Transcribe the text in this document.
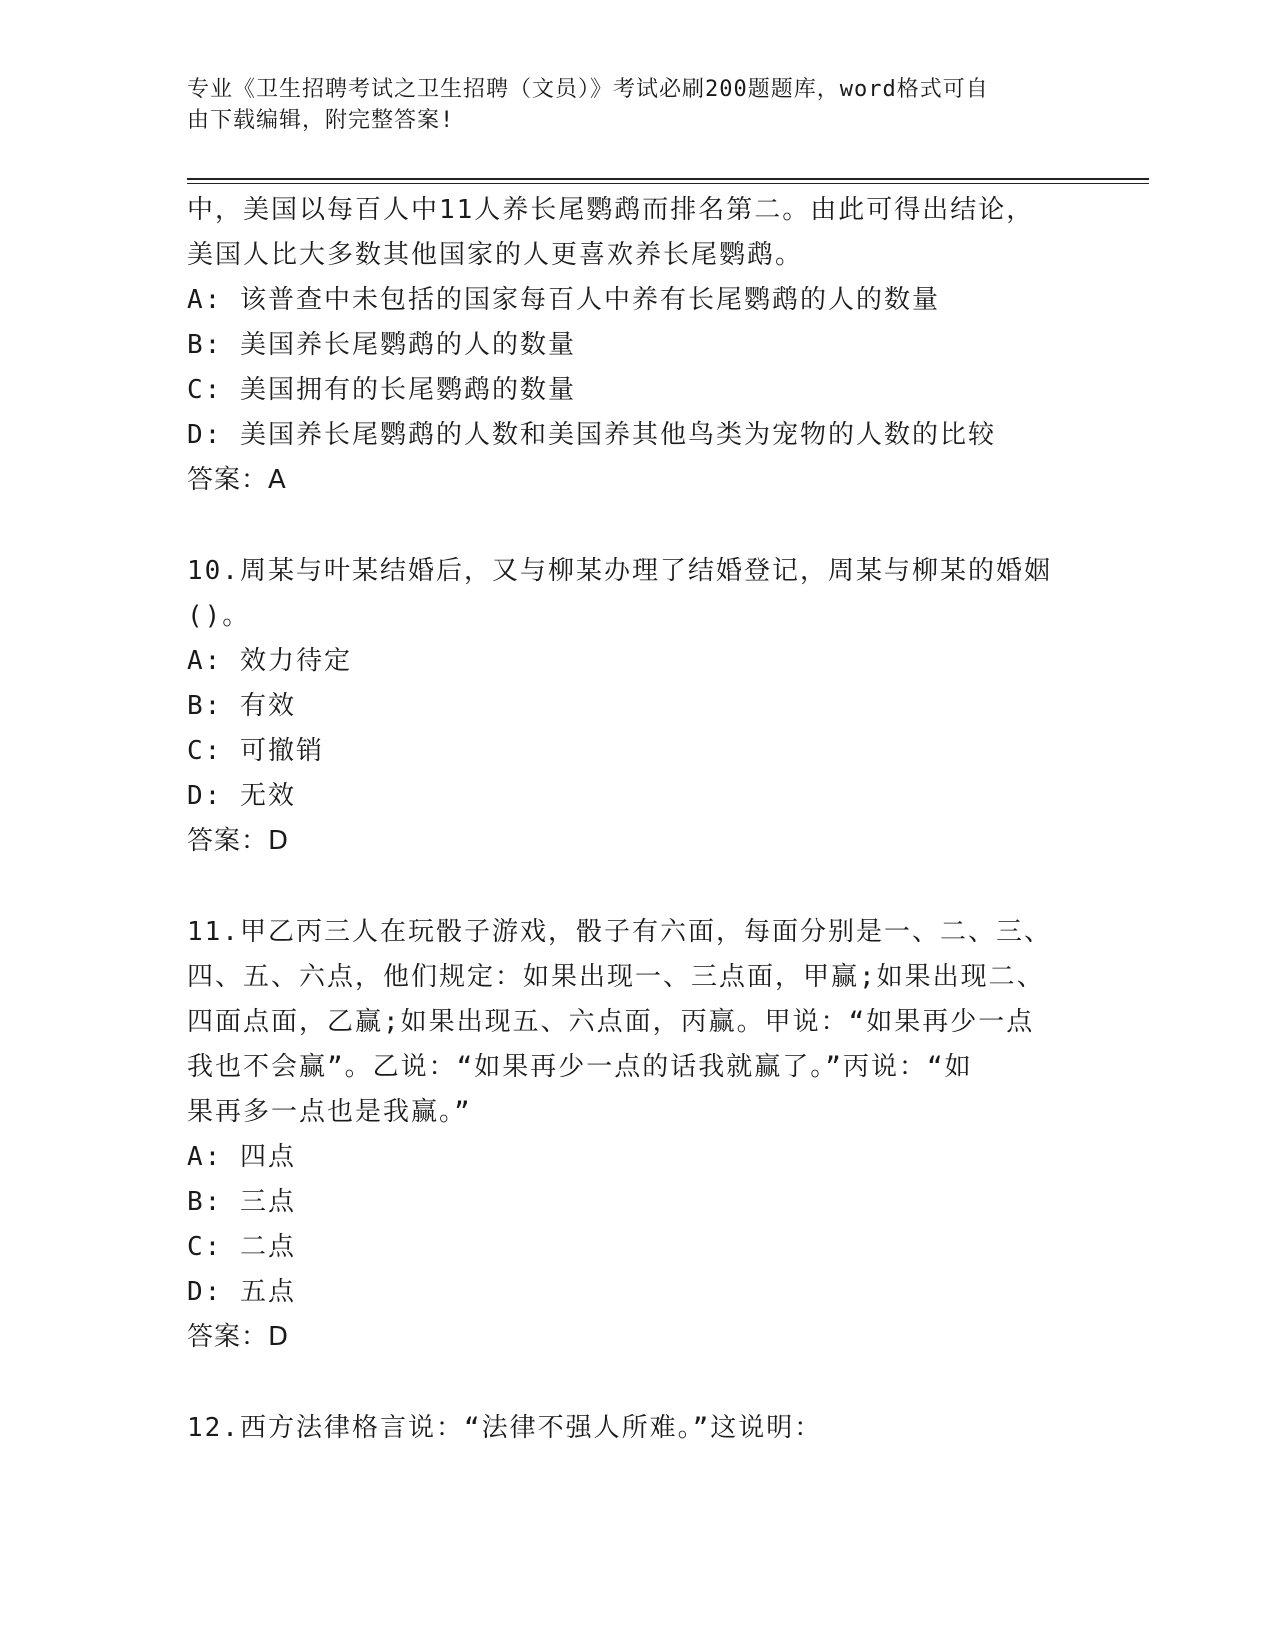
专业《卫生招聘考试之卫生招聘（文员）》考试必刷200题题库，word格式可自
由下载编辑，附完整答案!
中，美国以每百人中11人养长尾鹦鹉而排名第二。由此可得出结论，
美国人比大多数其他国家的人更喜欢养长尾鹦鹉。
A: 该普查中未包括的国家每百人中养有长尾鹦鹉的人的数量
B: 美国养长尾鹦鹉的人的数量
C: 美国拥有的长尾鹦鹉的数量
D: 美国养长尾鹦鹉的人数和美国养其他鸟类为宠物的人数的比较
答案：A
10.周某与叶某结婚后，又与柳某办理了结婚登记，周某与柳某的婚姻
()。
A: 效力待定
B: 有效
C: 可撤销
D: 无效
答案：D
11.甲乙丙三人在玩骰子游戏，骰子有六面，每面分别是一、二、三、
四、五、六点，他们规定：如果出现一、三点面，甲赢;如果出现二、
四面点面，乙赢;如果出现五、六点面，丙赢。甲说：“如果再少一点
我也不会赢”。乙说：“如果再少一点的话我就赢了。”丙说：“如
果再多一点也是我赢。”
A: 四点
B: 三点
C: 二点
D: 五点
答案：D
12.西方法律格言说：“法律不强人所难。”这说明：
